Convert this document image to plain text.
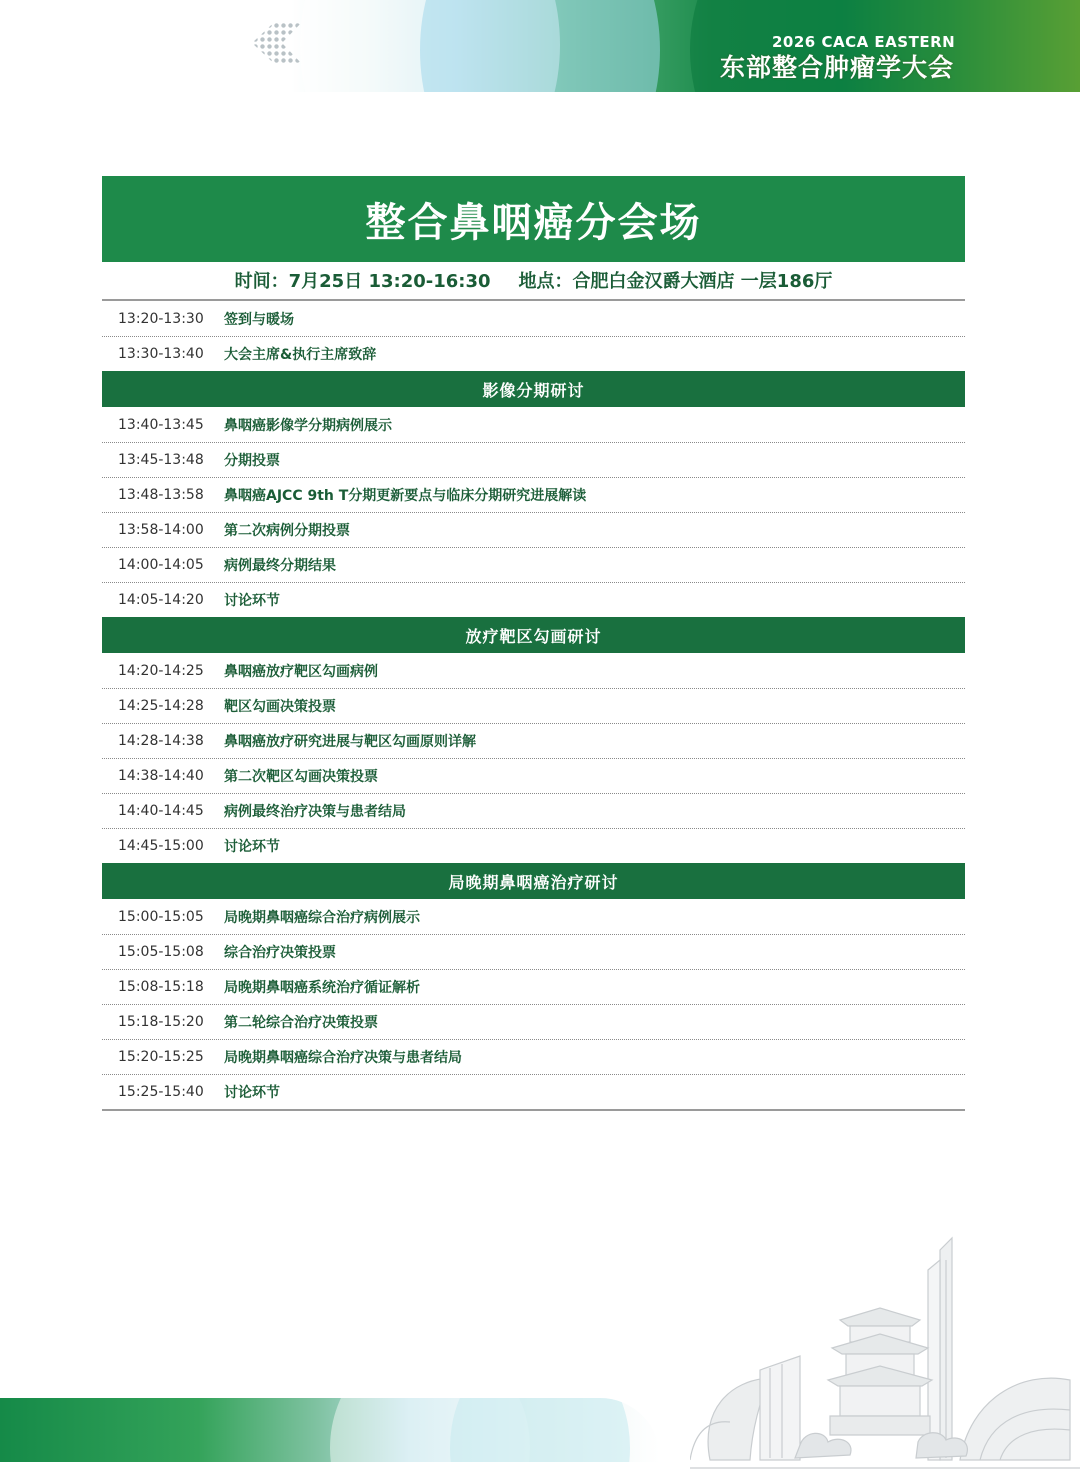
2026 CACA EASTERN
东部整合肿瘤学大会
整合鼻咽癌分会场
时间：7月25日 13:20-16:30 地点：合肥白金汉爵大酒店 一层186厅
13:20-13:30	签到与暖场
13:30-13:40	大会主席&执行主席致辞
影像分期研讨
13:40-13:45	鼻咽癌影像学分期病例展示
13:45-13:48	分期投票
13:48-13:58	鼻咽癌AJCC 9th T分期更新要点与临床分期研究进展解读
13:58-14:00	第二次病例分期投票
14:00-14:05	病例最终分期结果
14:05-14:20	讨论环节
放疗靶区勾画研讨
14:20-14:25	鼻咽癌放疗靶区勾画病例
14:25-14:28	靶区勾画决策投票
14:28-14:38	鼻咽癌放疗研究进展与靶区勾画原则详解
14:38-14:40	第二次靶区勾画决策投票
14:40-14:45	病例最终治疗决策与患者结局
14:45-15:00	讨论环节
局晚期鼻咽癌治疗研讨
15:00-15:05	局晚期鼻咽癌综合治疗病例展示
15:05-15:08	综合治疗决策投票
15:08-15:18	局晚期鼻咽癌系统治疗循证解析
15:18-15:20	第二轮综合治疗决策投票
15:20-15:25	局晚期鼻咽癌综合治疗决策与患者结局
15:25-15:40	讨论环节
